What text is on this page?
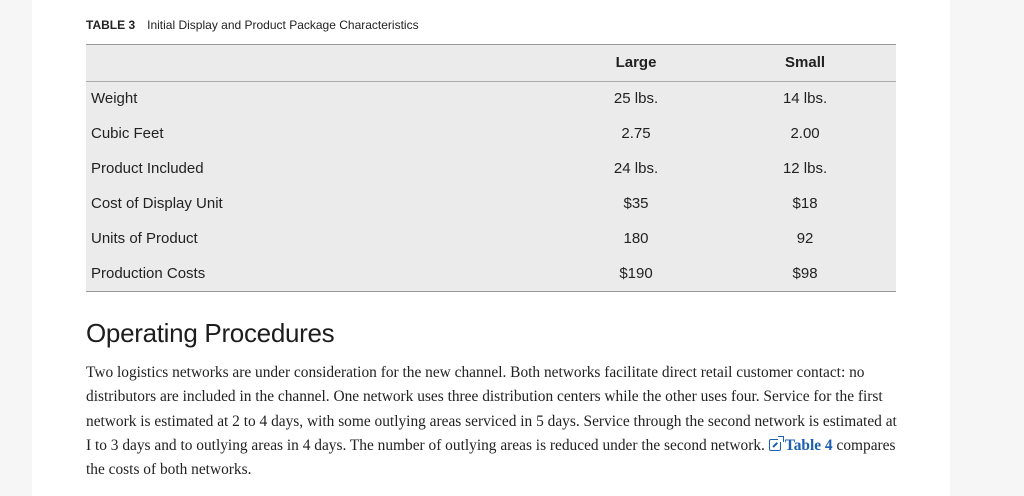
TABLE 3 Initial Display and Product Package Characteristics
	Large	Small
Weight	25 lbs.	14 lbs.
Cubic Feet	2.75	2.00
Product Included	24 lbs.	12 lbs.
Cost of Display Unit	$35	$18
Units of Product	180	92
Production Costs	$190	$98
Operating Procedures

Two logistics networks are under consideration for the new channel. Both networks facilitate direct retail customer contact: no distributors are included in the channel. One network uses three distribution centers while the other uses four. Service for the first network is estimated at 2 to 4 days, with some outlying areas serviced in 5 days. Service through the second network is estimated at I to 3 days and to outlying areas in 4 days. The number of outlying areas is reduced under the second network. Table 4 compares the costs of both networks.
